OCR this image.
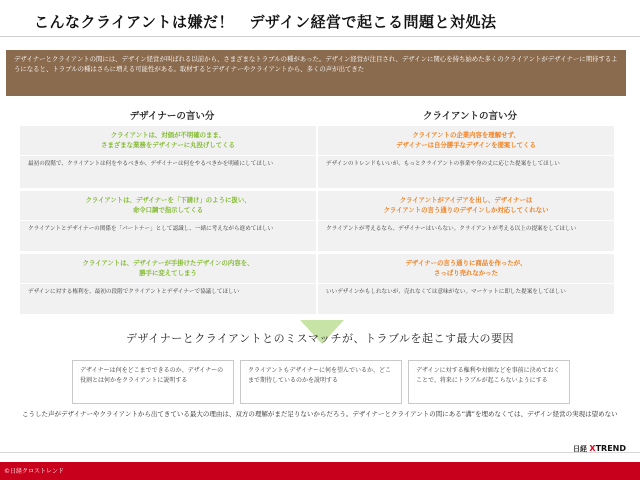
こんなクライアントは嫌だ！　デザイン経営で起こる問題と対処法
デザイナーとクライアントの間には、デザイン経営が叫ばれる以前から、さまざまなトラブルの種があった。デザイン経営が注目され、デザインに関心を持ち始めた多くのクライアントがデザイナーに期待するようになると、トラブルの種はさらに増える可能性がある。取材するとデザイナーやクライアントから、多くの声が出てきた
デザイナーの言い分	クライアントの言い分
クライアントは、対価が不明確のまま、
さまざまな業務をデザイナーに丸投げしてくる
最初の段階で、クライアントは何をやるべきか、デザイナーは何をやるべきかを明確にしてほしい
クライアントは、デザイナーを「下請け」のように扱い、
命令口調で指示してくる
クライアントとデザイナーの関係を「パートナー」として認識し、一緒に考えながら進めてほしい
クライアントは、デザイナーが手掛けたデザインの内容を、
勝手に変えてしまう
デザインに対する権利を、最初の段階でクライアントとデザイナーで協議してほしい
クライアントの企業内容を理解せず、
デザイナーは自分勝手なデザインを提案してくる
デザインのトレンドもいいが、もっとクライアントの事業や身の丈に応じた提案をしてほしい
クライアントがアイデアを出し、デザイナーは
クライアントの言う通りのデザインしか対応してくれない
クライアントが考えるなら、デザイナーはいらない。クライアントが考える以上の提案をしてほしい
デザイナーの言う通りに商品を作ったが、
さっぱり売れなかった
いいデザインかもしれないが、売れなくては意味がない。マーケットに即した提案をしてほしい
デザイナーとクライアントとのミスマッチが、トラブルを起こす最大の要因
デザイナーは何をどこまでできるのか、デザイナーの役割とは何かをクライアントに説明する
クライアントもデザイナーに何を望んでいるか、どこまで期待しているのかを説明する
デザインに対する権利や対価などを事前に決めておくことで、将来にトラブルが起こらないようにする
こうした声がデザイナーやクライアントから出てきている最大の理由は、双方の理解がまだ足りないからだろう。デザイナーとクライアントの間にある“溝”を埋めなくては、デザイン経営の実現は望めない
日経 XTREND
©日経クロストレンド
